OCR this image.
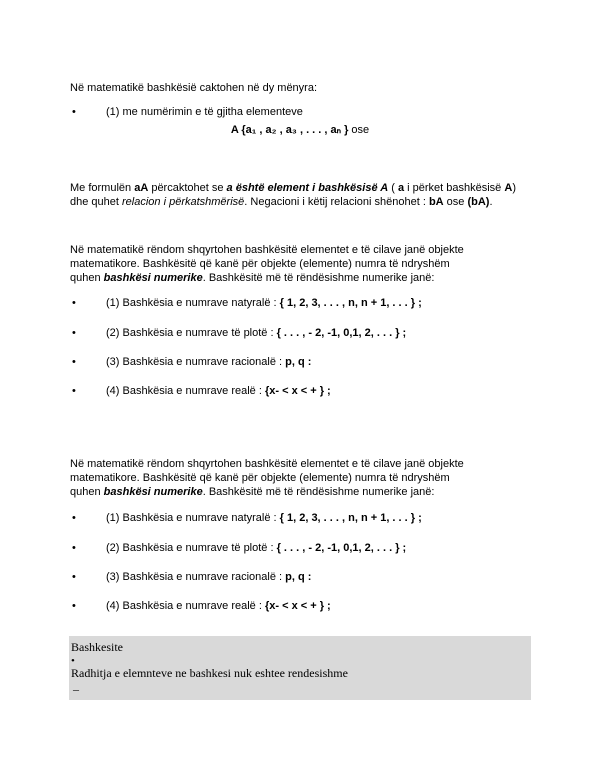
Në matematikë bashkësië caktohen në dy mënyra:
•	(1) me numërimin e të gjitha elementeve
A {a₁ , a₂ , a₃ , . . . , aₙ } ose
Me formulën aA përcaktohet se a është element i bashkësisë A ( a i përket bashkësisë A)
dhe quhet relacion i përkatshmërisë. Negacioni i këtij relacioni shënohet : bA ose (bA).
Në matematikë rëndom shqyrtohen bashkësitë elementet e të cilave janë objekte
matematikore. Bashkësitë që kanë për objekte (elemente) numra të ndryshëm
quhen bashkësi numerike. Bashkësitë më të rëndësishme numerike janë:
•	(1) Bashkësia e numrave natyralë : { 1, 2, 3, . . . , n, n + 1, . . . } ;
•	(2) Bashkësia e numrave të plotë : { . . . , - 2, -1, 0,1, 2, . . . } ;
•	(3) Bashkësia e numrave racionalë : p, q :
•	(4) Bashkësia e numrave realë : {x- < x < + } ;
Në matematikë rëndom shqyrtohen bashkësitë elementet e të cilave janë objekte
matematikore. Bashkësitë që kanë për objekte (elemente) numra të ndryshëm
quhen bashkësi numerike. Bashkësitë më të rëndësishme numerike janë:
•	(1) Bashkësia e numrave natyralë : { 1, 2, 3, . . . , n, n + 1, . . . } ;
•	(2) Bashkësia e numrave të plotë : { . . . , - 2, -1, 0,1, 2, . . . } ;
•	(3) Bashkësia e numrave racionalë : p, q :
•	(4) Bashkësia e numrave realë : {x- < x < + } ;
Bashkesite
•
Radhitja e elemnteve ne bashkesi nuk eshtee rendesishme
–
